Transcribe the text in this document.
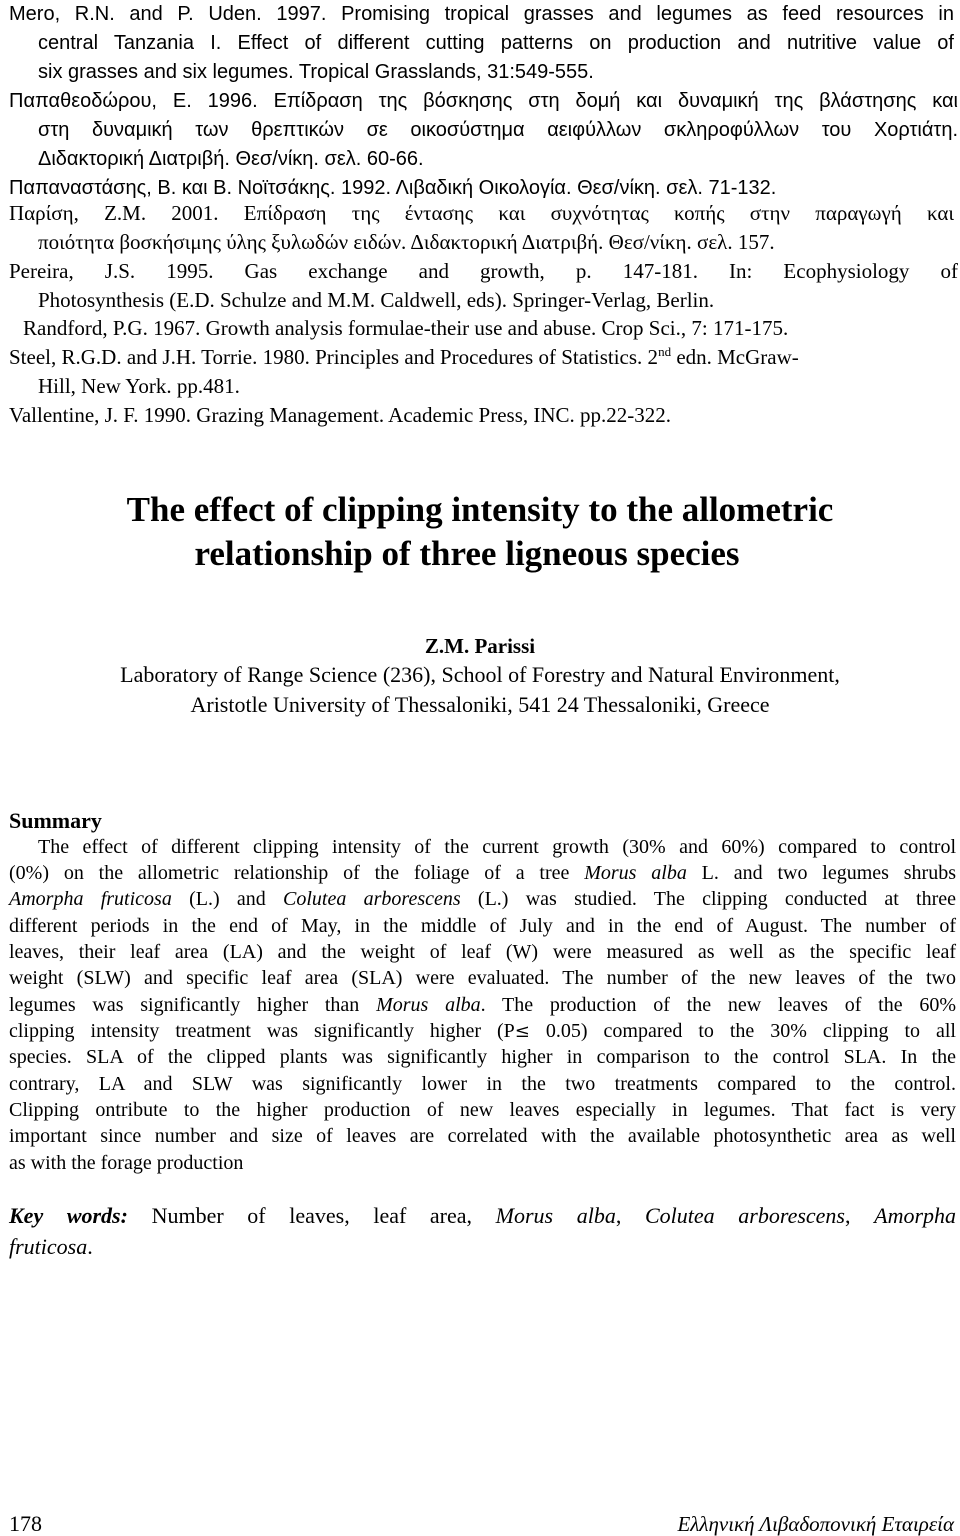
Mero, R.N. and P. Uden. 1997. Promising tropical grasses and legumes as feed resources in
central Tanzania I. Effect of different cutting patterns on production and nutritive value of
six grasses and six legumes. Tropical Grasslands, 31:549-555.
Παπαθεοδώρου, Ε. 1996. Επίδραση της βόσκησης στη δομή και δυναμική της βλάστησης και
στη δυναμική των θρεπτικών σε οικοσύστημα αειφύλλων σκληροφύλλων του Χορτιάτη.
Διδακτορική Διατριβή. Θεσ/νίκη. σελ. 60-66.
Παπαναστάσης, Β. και Β. Νοϊτσάκης. 1992. Λιβαδική Οικολογία. Θεσ/νίκη. σελ. 71-132.
Παρίση, Ζ.Μ. 2001. Επίδραση της έντασης και συχνότητας κοπής στην παραγωγή και
ποιότητα βοσκήσιμης ύλης ξυλωδών ειδών. Διδακτορική Διατριβή. Θεσ/νίκη. σελ. 157.
Pereira, J.S. 1995. Gas exchange and growth, p. 147-181. In: Ecophysiology of
Photosynthesis (E.D. Schulze and M.M. Caldwell, eds). Springer-Verlag, Berlin.
Randford, P.G. 1967. Growth analysis formulae-their use and abuse. Crop Sci., 7: 171-175.
Steel, R.G.D. and J.H. Torrie. 1980. Principles and Procedures of Statistics. 2nd edn. McGraw-
Hill, New York. pp.481.
Vallentine, J. F. 1990. Grazing Management. Academic Press, INC. pp.22-322.
The effect of clipping intensity to the allometric
relationship of three ligneous species
Z.M. Parissi
Laboratory of Range Science (236), School of Forestry and Natural Environment,
Aristotle University of Thessaloniki, 541 24 Thessaloniki, Greece
Summary
The effect of different clipping intensity of the current growth (30% and 60%) compared to control
(0%) on the allometric relationship of the foliage of a tree Morus alba L. and two legumes shrubs
Amorpha fruticosa (L.) and Colutea arborescens (L.) was studied. The clipping conducted at three
different periods in the end of May, in the middle of July and in the end of August. The number of
leaves, their leaf area (LA) and the weight of leaf (W) were measured as well as the specific leaf
weight (SLW) and specific leaf area (SLA) were evaluated. The number of the new leaves of the two
legumes was significantly higher than Morus alba. The production of the new leaves of the 60%
clipping intensity treatment was significantly higher (P≤ 0.05) compared to the 30% clipping to all
species. SLA of the clipped plants was significantly higher in comparison to the control SLA. In the
contrary, LA and SLW was significantly lower in the two treatments compared to the control.
Clipping ontribute to the higher production of new leaves especially in legumes. That fact is very
important since number and size of leaves are correlated with the available photosynthetic area as well
as with the forage production
Key words: Number of leaves, leaf area, Morus alba, Colutea arborescens, Amorpha
fruticosa.
178	Ελληνική Λιβαδοπονική Εταιρεία
